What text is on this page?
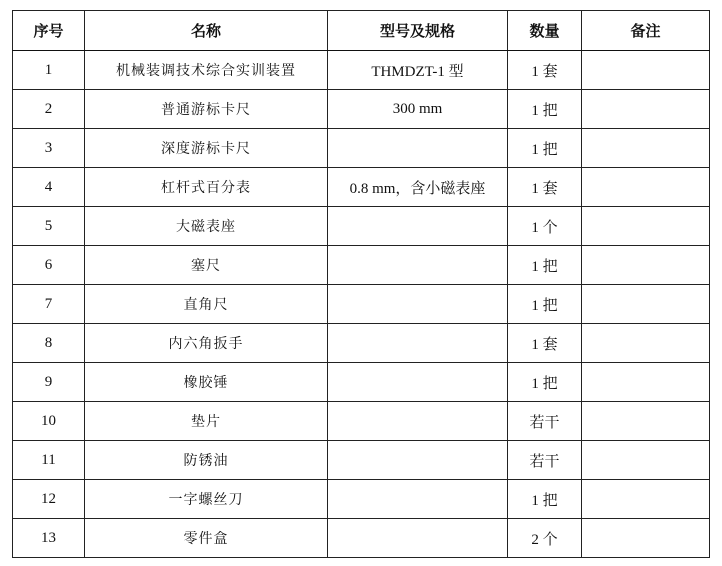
序号	名称	型号及规格	数量	备注
1	机械装调技术综合实训装置	THMDZT-1 型	1 套	
2	普通游标卡尺	300 mm	1 把	
3	深度游标卡尺		1 把	
4	杠杆式百分表	0.8 mm，含小磁表座	1 套	
5	大磁表座		1 个	
6	塞尺		1 把	
7	直角尺		1 把	
8	内六角扳手		1 套	
9	橡胶锤		1 把	
10	垫片		若干	
11	防锈油		若干	
12	一字螺丝刀		1 把	
13	零件盒		2 个	
